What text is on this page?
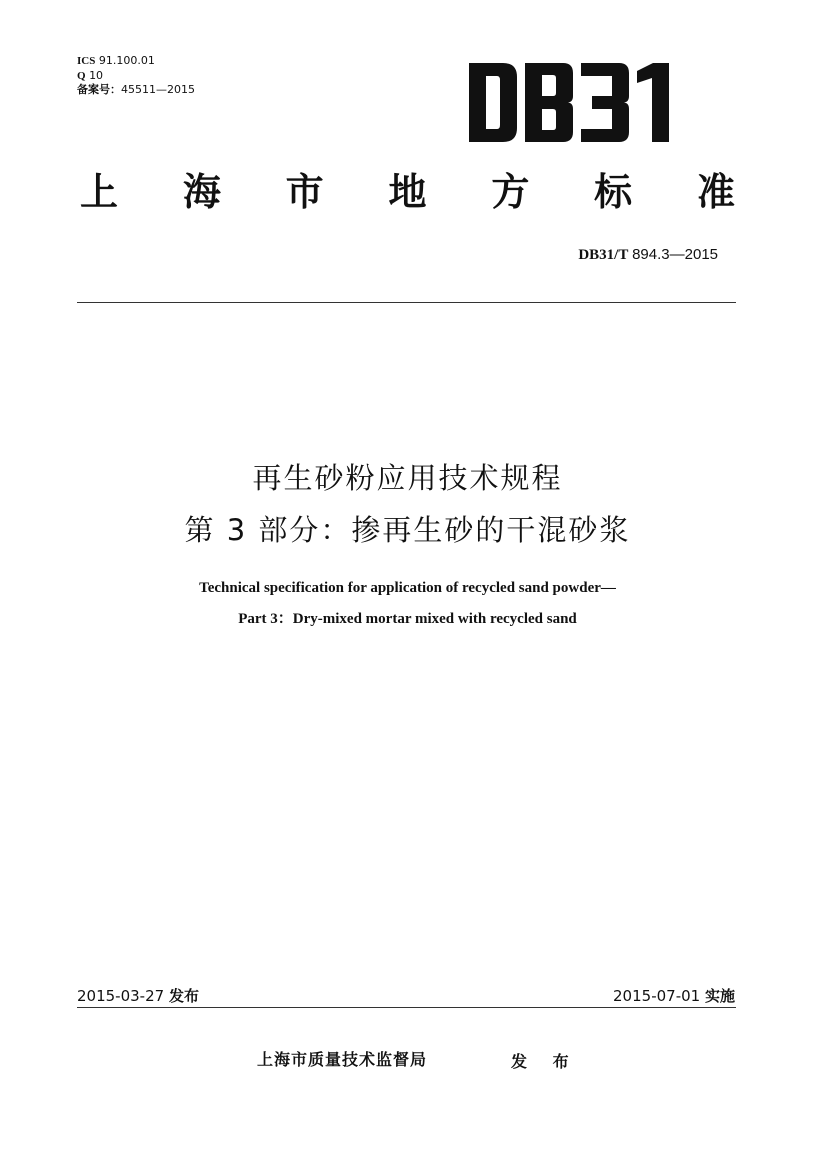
ICS 91.100.01
Q 10
备案号：45511—2015
上 海 市 地 方 标 准
DB31/T 894.3—2015
再生砂粉应用技术规程
第 3 部分：掺再生砂的干混砂浆
Technical specification for application of recycled sand powder—
Part 3：Dry-mixed mortar mixed with recycled sand
2015-03-27 发布	2015-07-01 实施
上海市质量技术监督局	发 布
